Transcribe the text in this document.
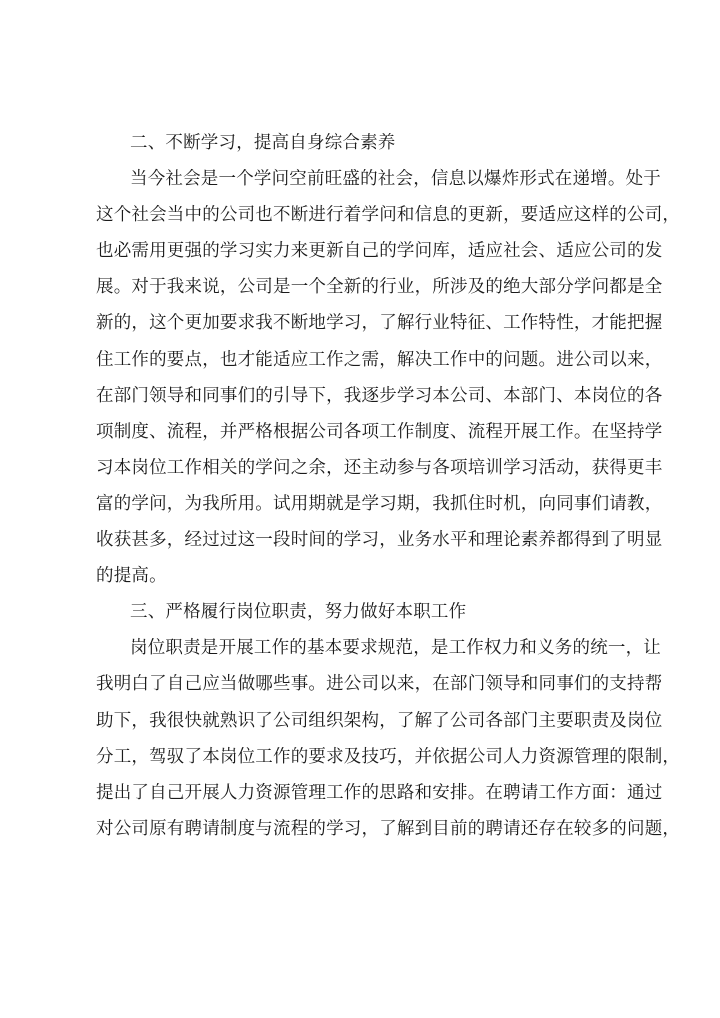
二、不断学习，提高自身综合素养
当今社会是一个学问空前旺盛的社会，信息以爆炸形式在递增。处于
这个社会当中的公司也不断进行着学问和信息的更新，要适应这样的公司，
也必需用更强的学习实力来更新自己的学问库，适应社会、适应公司的发
展。对于我来说，公司是一个全新的行业，所涉及的绝大部分学问都是全
新的，这个更加要求我不断地学习，了解行业特征、工作特性，才能把握
住工作的要点，也才能适应工作之需，解决工作中的问题。进公司以来，
在部门领导和同事们的引导下，我逐步学习本公司、本部门、本岗位的各
项制度、流程，并严格根据公司各项工作制度、流程开展工作。在坚持学
习本岗位工作相关的学问之余，还主动参与各项培训学习活动，获得更丰
富的学问，为我所用。试用期就是学习期，我抓住时机，向同事们请教，
收获甚多，经过过这一段时间的学习，业务水平和理论素养都得到了明显
的提高。
三、严格履行岗位职责，努力做好本职工作
岗位职责是开展工作的基本要求规范，是工作权力和义务的统一，让
我明白了自己应当做哪些事。进公司以来，在部门领导和同事们的支持帮
助下，我很快就熟识了公司组织架构，了解了公司各部门主要职责及岗位
分工，驾驭了本岗位工作的要求及技巧，并依据公司人力资源管理的限制，
提出了自己开展人力资源管理工作的思路和安排。在聘请工作方面：通过
对公司原有聘请制度与流程的学习，了解到目前的聘请还存在较多的问题，
